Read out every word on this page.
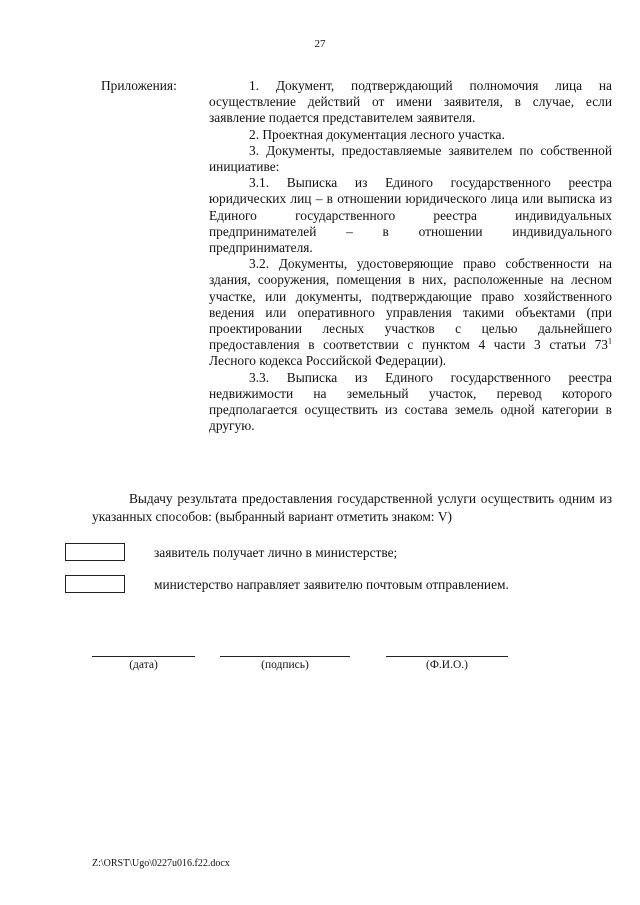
27
Приложения:	1. Документ, подтверждающий полномочия лица на осуществление действий от имени заявителя, в случае, если заявление подается представителем заявителя.

2. Проектная документация лесного участка.

3. Документы, предоставляемые заявителем по собственной инициативе:

3.1. Выписка из Единого государственного реестра юридических лиц – в отношении юридического лица или выписка из Единого государственного реестра индивидуальных предпринимателей – в отношении индивидуального предпринимателя.

3.2. Документы, удостоверяющие право собственности на здания, сооружения, помещения в них, расположенные на лесном участке, или документы, подтверждающие право хозяйственного ведения или оперативного управления такими объектами (при проектировании лесных участков с целью дальнейшего предоставления в соответствии с пунктом 4 части 3 статьи $73^1$ Лесного кодекса Российской Федерации).

3.3. Выписка из Единого государственного реестра недвижимости на земельный участок, перевод которого предполагается осуществить из состава земель одной категории в другую.

Выдачу результата предоставления государственной услуги осуществить одним из указанных способов: (выбранный вариант отметить знаком: V)

заявитель получает лично в министерстве;
министерство направляет заявителю почтовым отправлением.
(дата)	(подпись)	(Ф.И.О.)
Z:\ORST\Ugo\0227u016.f22.docx
